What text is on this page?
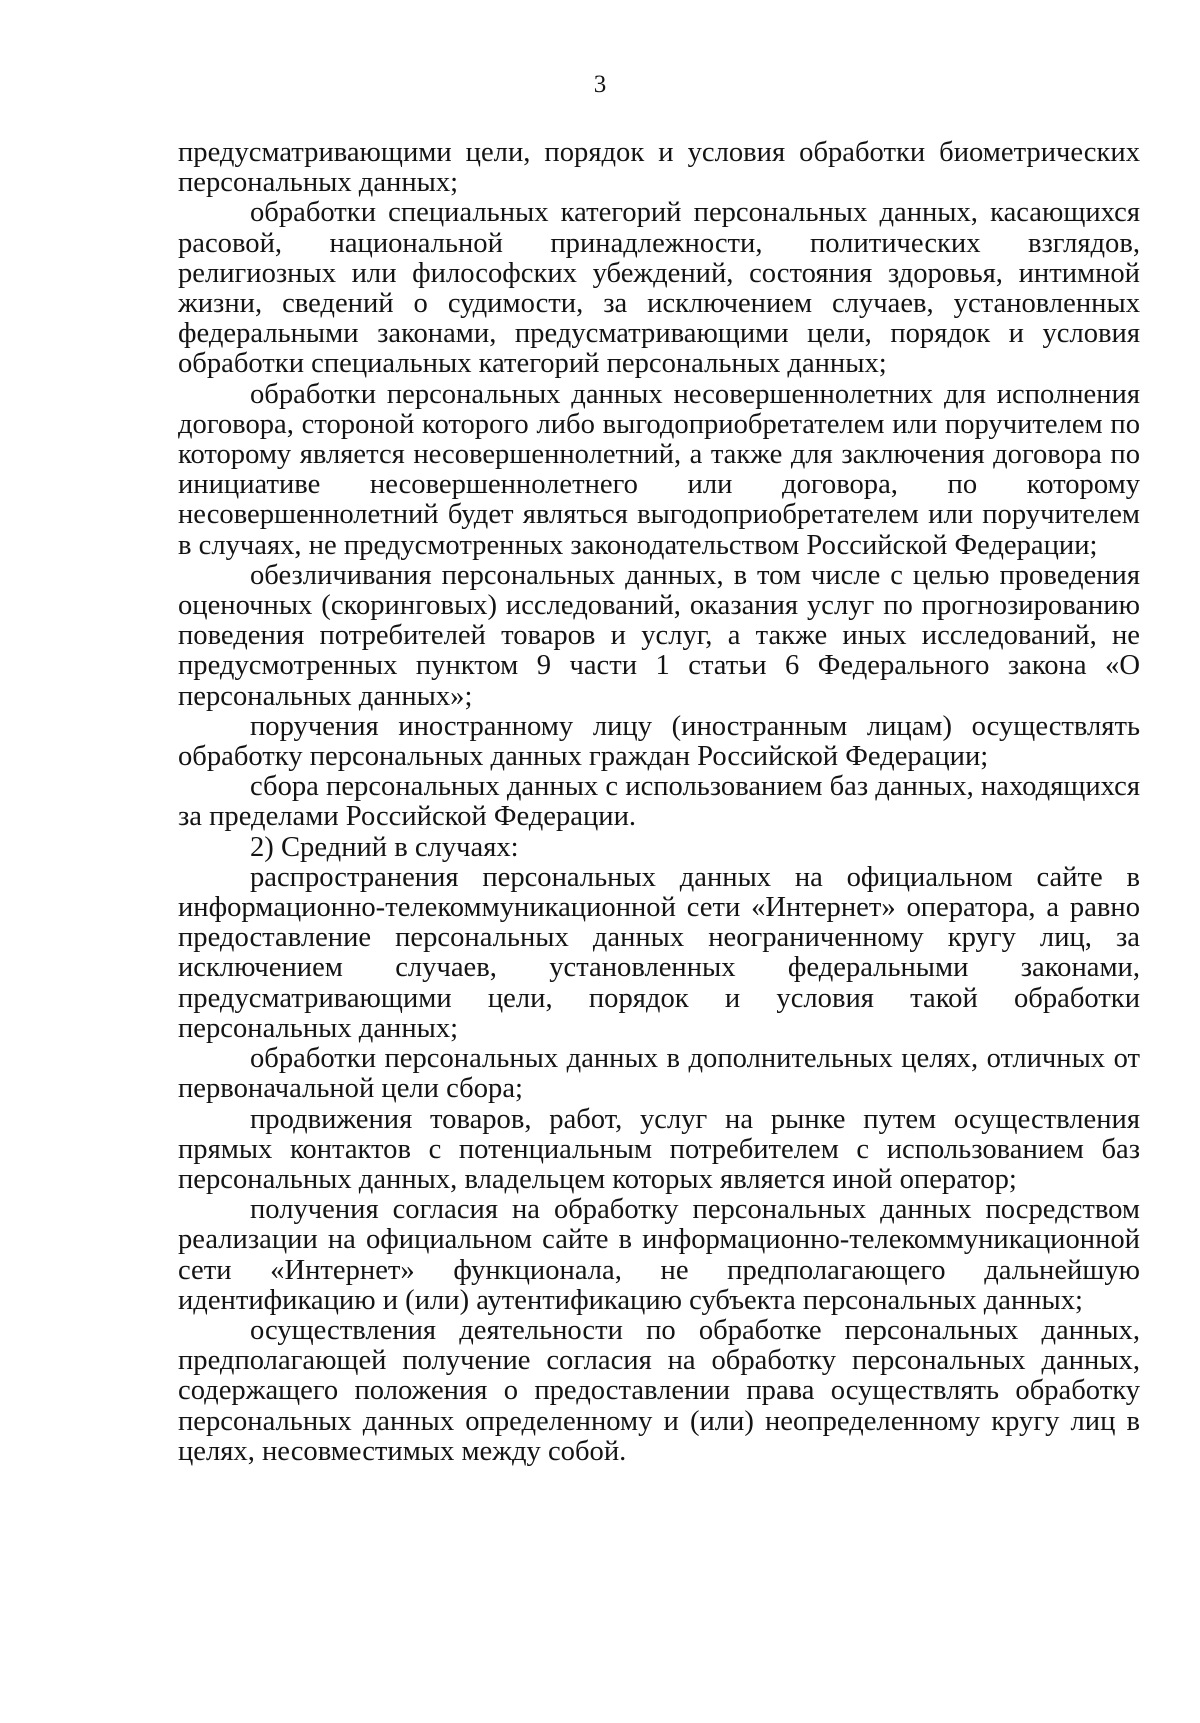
3

предусматривающими цели, порядок и условия обработки биометрических персональных данных;

обработки специальных категорий персональных данных, касающихся расовой, национальной принадлежности, политических взглядов, религиозных или философских убеждений, состояния здоровья, интимной жизни, сведений о судимости, за исключением случаев, установленных федеральными законами, предусматривающими цели, порядок и условия обработки специальных категорий персональных данных;

обработки персональных данных несовершеннолетних для исполнения договора, стороной которого либо выгодоприобретателем или поручителем по которому является несовершеннолетний, а также для заключения договора по инициативе несовершеннолетнего или договора, по которому несовершеннолетний будет являться выгодоприобретателем или поручителем в случаях, не предусмотренных законодательством Российской Федерации;

обезличивания персональных данных, в том числе с целью проведения оценочных (скоринговых) исследований, оказания услуг по прогнозированию поведения потребителей товаров и услуг, а также иных исследований, не предусмотренных пунктом 9 части 1 статьи 6 Федерального закона «О персональных данных»;

поручения иностранному лицу (иностранным лицам) осуществлять обработку персональных данных граждан Российской Федерации;

сбора персональных данных с использованием баз данных, находящихся за пределами Российской Федерации.

2) Средний в случаях:

распространения персональных данных на официальном сайте в информационно-телекоммуникационной сети «Интернет» оператора, а равно предоставление персональных данных неограниченному кругу лиц, за исключением случаев, установленных федеральными законами, предусматривающими цели, порядок и условия такой обработки персональных данных;

обработки персональных данных в дополнительных целях, отличных от первоначальной цели сбора;

продвижения товаров, работ, услуг на рынке путем осуществления прямых контактов с потенциальным потребителем с использованием баз персональных данных, владельцем которых является иной оператор;

получения согласия на обработку персональных данных посредством реализации на официальном сайте в информационно-телекоммуникационной сети «Интернет» функционала, не предполагающего дальнейшую идентификацию и (или) аутентификацию субъекта персональных данных;

осуществления деятельности по обработке персональных данных, предполагающей получение согласия на обработку персональных данных, содержащего положения о предоставлении права осуществлять обработку персональных данных определенному и (или) неопределенному кругу лиц в целях, несовместимых между собой.
